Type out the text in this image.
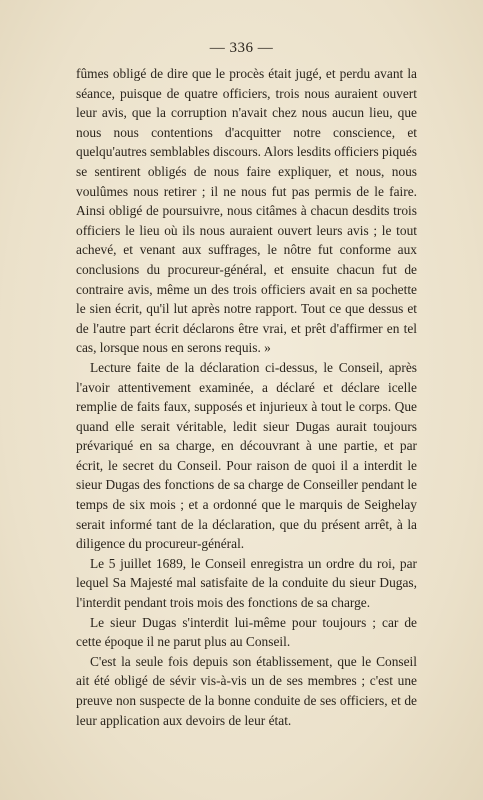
— 336 —

fûmes obligé de dire que le procès était jugé, et perdu avant la séance, puisque de quatre officiers, trois nous auraient ouvert leur avis, que la corruption n'avait chez nous aucun lieu, que nous nous contentions d'acquitter notre conscience, et quelqu'autres semblables discours. Alors lesdits officiers piqués se sentirent obligés de nous faire expliquer, et nous, nous voulûmes nous retirer ; il ne nous fut pas permis de le faire. Ainsi obligé de poursuivre, nous citâmes à chacun desdits trois officiers le lieu où ils nous auraient ouvert leurs avis ; le tout achevé, et venant aux suffrages, le nôtre fut conforme aux conclusions du procureur-général, et ensuite chacun fut de contraire avis, même un des trois officiers avait en sa pochette le sien écrit, qu'il lut après notre rapport. Tout ce que dessus et de l'autre part écrit déclarons être vrai, et prêt d'affirmer en tel cas, lorsque nous en serons requis. »

Lecture faite de la déclaration ci-dessus, le Conseil, après l'avoir attentivement examinée, a déclaré et déclare icelle remplie de faits faux, supposés et injurieux à tout le corps. Que quand elle serait véritable, ledit sieur Dugas aurait toujours prévariqué en sa charge, en découvrant à une partie, et par écrit, le secret du Conseil. Pour raison de quoi il a interdit le sieur Dugas des fonctions de sa charge de Conseiller pendant le temps de six mois ; et a ordonné que le marquis de Seighelay serait informé tant de la déclaration, que du présent arrêt, à la diligence du procureur-général.

Le 5 juillet 1689, le Conseil enregistra un ordre du roi, par lequel Sa Majesté mal satisfaite de la conduite du sieur Dugas, l'interdit pendant trois mois des fonctions de sa charge.

Le sieur Dugas s'interdit lui-même pour toujours ; car de cette époque il ne parut plus au Conseil.

C'est la seule fois depuis son établissement, que le Conseil ait été obligé de sévir vis-à-vis un de ses membres ; c'est une preuve non suspecte de la bonne conduite de ses officiers, et de leur application aux devoirs de leur état.
